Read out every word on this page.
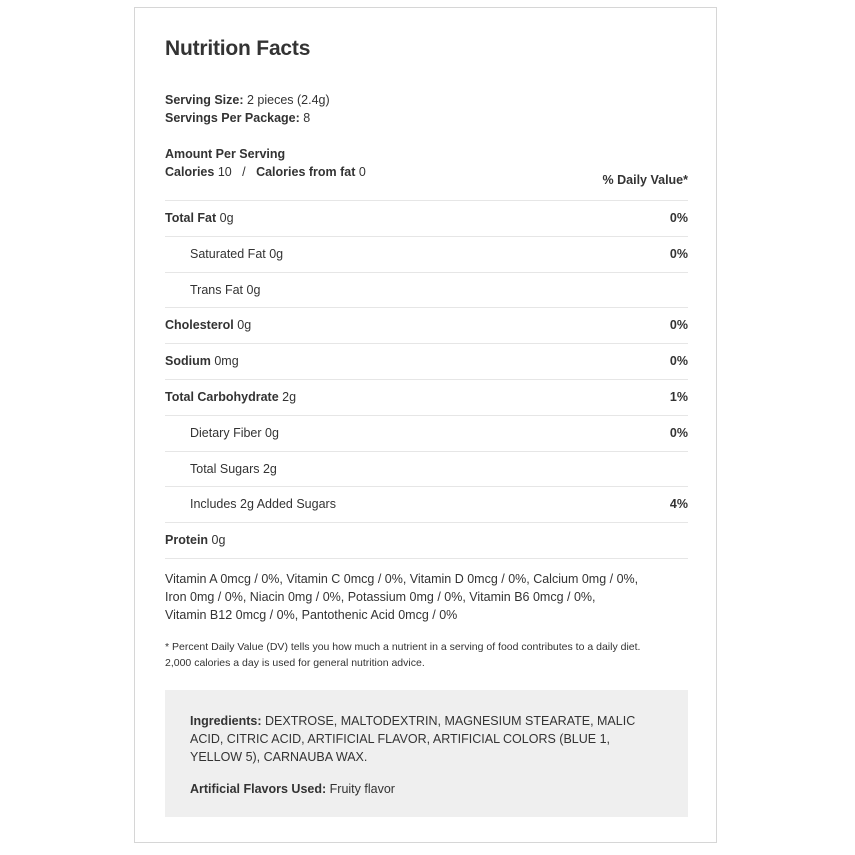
Nutrition Facts
Serving Size: 2 pieces (2.4g)
Servings Per Package: 8
Amount Per Serving
Calories 10 / Calories from fat 0
% Daily Value*
Total Fat 0g	0%
Saturated Fat 0g	0%
Trans Fat 0g
Cholesterol 0g	0%
Sodium 0mg	0%
Total Carbohydrate 2g	1%
Dietary Fiber 0g	0%
Total Sugars 2g
Includes 2g Added Sugars	4%
Protein 0g
Vitamin A 0mcg / 0%, Vitamin C 0mcg / 0%, Vitamin D 0mcg / 0%, Calcium 0mg / 0%,
Iron 0mg / 0%, Niacin 0mg / 0%, Potassium 0mg / 0%, Vitamin B6 0mcg / 0%,
Vitamin B12 0mcg / 0%, Pantothenic Acid 0mcg / 0%
* Percent Daily Value (DV) tells you how much a nutrient in a serving of food contributes to a daily diet.
2,000 calories a day is used for general nutrition advice.
Ingredients: DEXTROSE, MALTODEXTRIN, MAGNESIUM STEARATE, MALIC ACID, CITRIC ACID, ARTIFICIAL FLAVOR, ARTIFICIAL COLORS (BLUE 1, YELLOW 5), CARNAUBA WAX.
Artificial Flavors Used: Fruity flavor
